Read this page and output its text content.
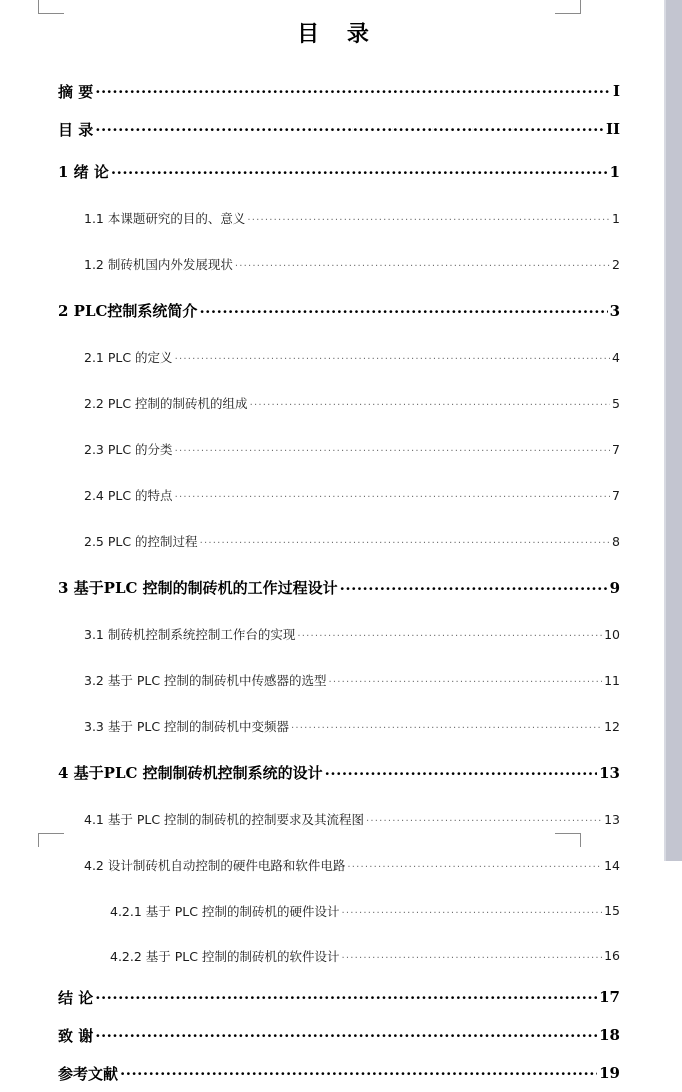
目 录
摘 要 .....	I
目 录 .....	II
1 绪 论 .....	1
1.1 本课题研究的目的、意义 .....	1
1.2 制砖机国内外发展现状 .....	2
2 PLC控制系统简介 .....	3
2.1 PLC 的定义 .....	4
2.2 PLC 控制的制砖机的组成 .....	5
2.3 PLC 的分类 .....	7
2.4 PLC 的特点 .....	7
2.5 PLC 的控制过程 .....	8
3 基于PLC 控制的制砖机的工作过程设计 .....	9
3.1 制砖机控制系统控制工作台的实现 .....	10
3.2 基于 PLC 控制的制砖机中传感器的选型 .....	11
3.3 基于 PLC 控制的制砖机中变频器 .....	12
4 基于PLC 控制制砖机控制系统的设计 .....	13
4.1 基于 PLC 控制的制砖机的控制要求及其流程图 .....	13
4.2 设计制砖机自动控制的硬件电路和软件电路 .....	14
4.2.1 基于 PLC 控制的制砖机的硬件设计 .....	15
4.2.2 基于 PLC 控制的制砖机的软件设计 .....	16
结 论 .....	17
致 谢 .....	18
参考文献 .....	19
